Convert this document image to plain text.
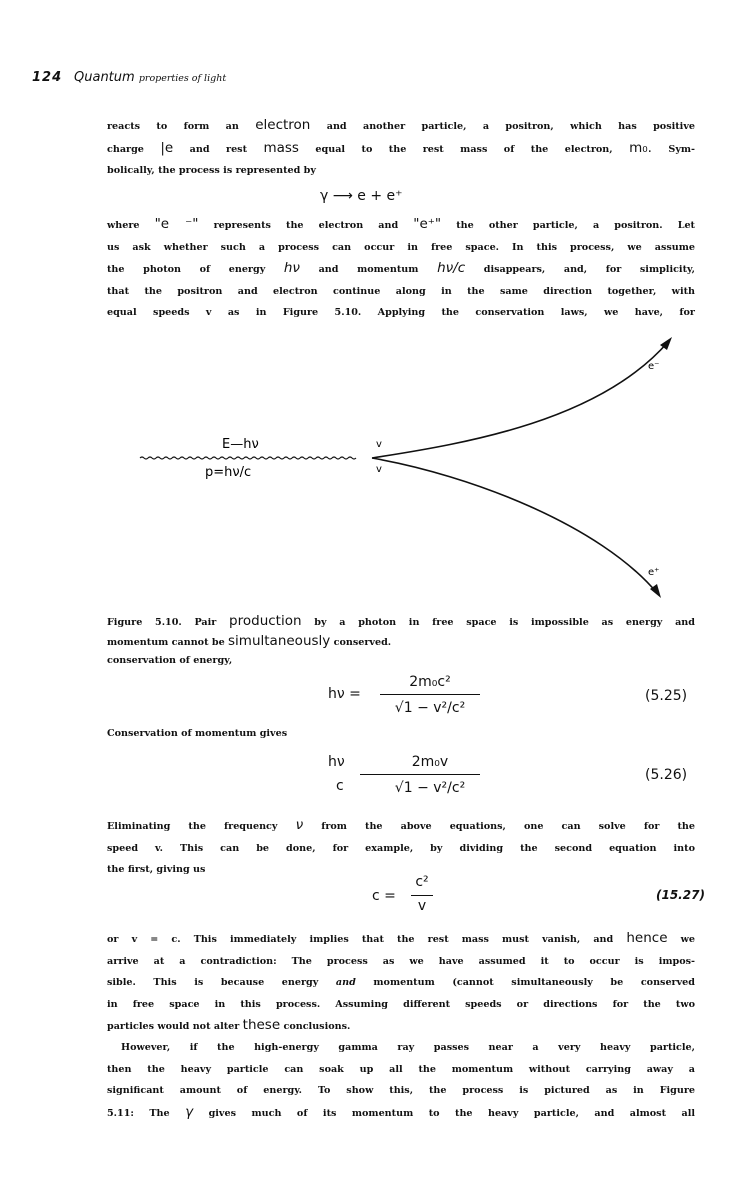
124 Quantum properties of light
reacts to form an electron and another particle, a positron, which has positive
charge |e and rest mass equal to the rest mass of the electron, m₀. Sym-
bolically, the process is represented by
γ ⟶ e + e⁺
where "e ⁻" represents the electron and "e⁺" the other particle, a positron. Let
us ask whether such a process can occur in free space. In this process, we assume
the photon of energy hν and momentum hν/c disappears, and, for simplicity,
that the positron and electron continue along in the same direction together, with
equal speeds v as in Figure 5.10. Applying the conservation laws, we have, for
e⁻
e⁺
E—hν
p=hν/c
v
v
Figure 5.10. Pair production by a photon in free space is impossible as energy and
momentum cannot be simultaneously conserved.
conservation of energy,
hν =
2m₀c²
√1 − v²/c²
(5.25)
Conservation of momentum gives
hν
c
2m₀v
√1 − v²/c²
(5.26)
Eliminating the frequency ν from the above equations, one can solve for the
speed v. This can be done, for example, by dividing the second equation into
the first, giving us
c =
c²
v
(15.27)
or v = c. This immediately implies that the rest mass must vanish, and hence we
arrive at a contradiction: The process as we have assumed it to occur is impos-
sible. This is because energy and momentum (cannot simultaneously be conserved
in free space in this process. Assuming different speeds or directions for the two
particles would not alter these conclusions.
However, if the high-energy gamma ray passes near a very heavy particle,
then the heavy particle can soak up all the momentum without carrying away a
significant amount of energy. To show this, the process is pictured as in Figure
5.11: The γ gives much of its momentum to the heavy particle, and almost all
